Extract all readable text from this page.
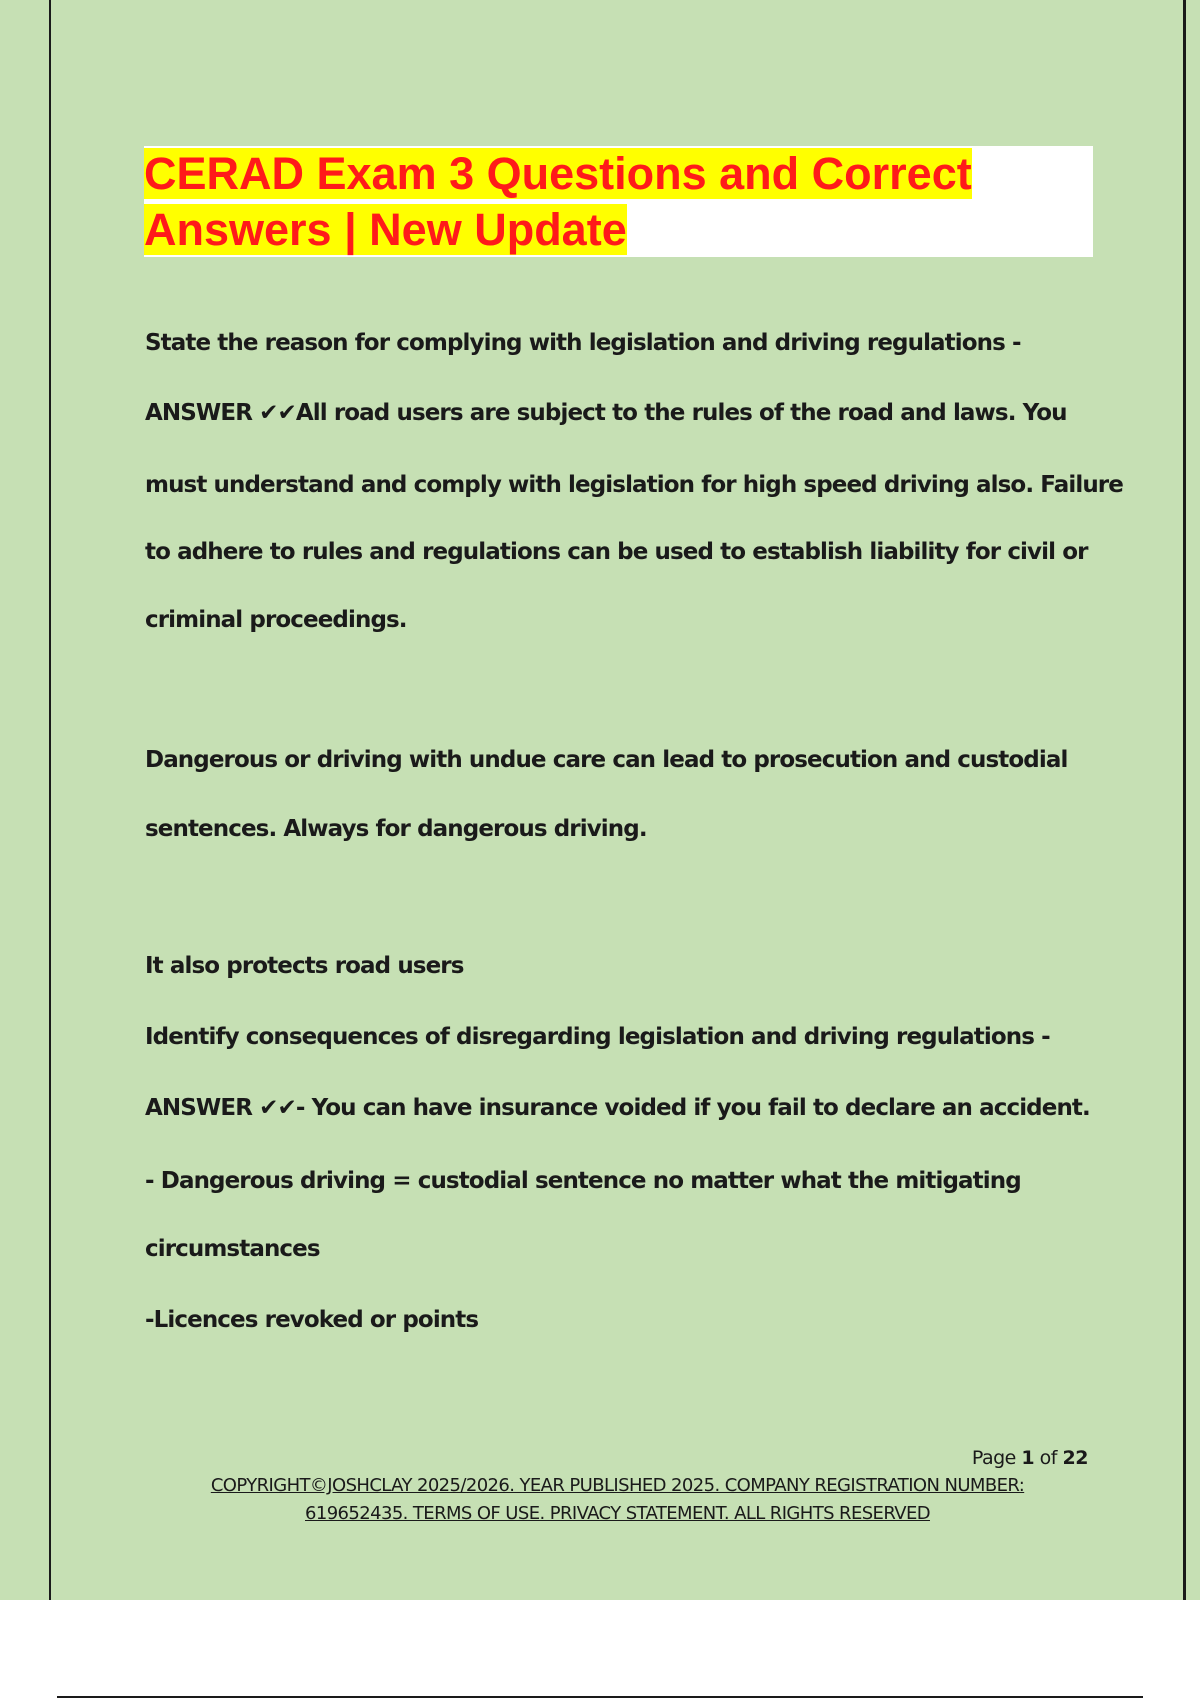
CERAD Exam 3 Questions and Correct
Answers | New Update

State the reason for complying with legislation and driving regulations -
ANSWER ✔✔All road users are subject to the rules of the road and laws. You
must understand and comply with legislation for high speed driving also. Failure
to adhere to rules and regulations can be used to establish liability for civil or
criminal proceedings.

Dangerous or driving with undue care can lead to prosecution and custodial
sentences. Always for dangerous driving.

It also protects road users
Identify consequences of disregarding legislation and driving regulations -
ANSWER ✔✔- You can have insurance voided if you fail to declare an accident.
- Dangerous driving = custodial sentence no matter what the mitigating
circumstances
-Licences revoked or points

Page 1 of 22
COPYRIGHT©JOSHCLAY 2025/2026. YEAR PUBLISHED 2025. COMPANY REGISTRATION NUMBER:
619652435. TERMS OF USE. PRIVACY STATEMENT. ALL RIGHTS RESERVED
